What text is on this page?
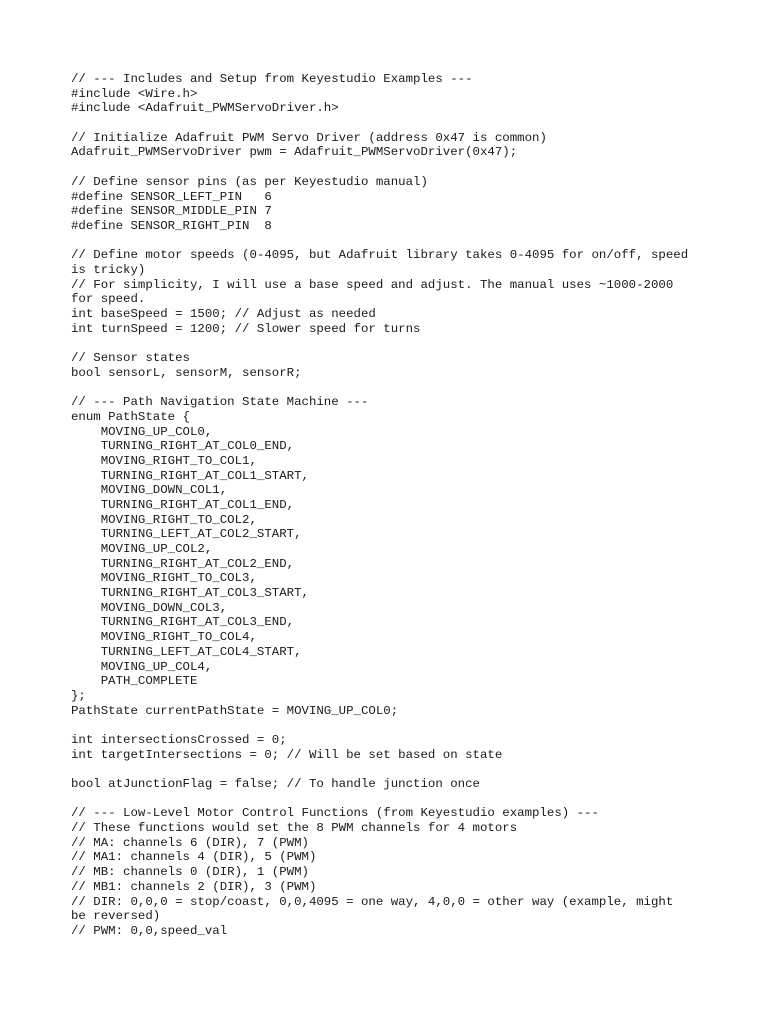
// --- Includes and Setup from Keyestudio Examples ---
#include <Wire.h>
#include <Adafruit_PWMServoDriver.h>
// Initialize Adafruit PWM Servo Driver (address 0x47 is common)
Adafruit_PWMServoDriver pwm = Adafruit_PWMServoDriver(0x47);
// Define sensor pins (as per Keyestudio manual)
#define SENSOR_LEFT_PIN   6
#define SENSOR_MIDDLE_PIN 7
#define SENSOR_RIGHT_PIN  8
// Define motor speeds (0-4095, but Adafruit library takes 0-4095 for on/off, speed
is tricky)
// For simplicity, I will use a base speed and adjust. The manual uses ~1000-2000
for speed.
int baseSpeed = 1500; // Adjust as needed
int turnSpeed = 1200; // Slower speed for turns
// Sensor states
bool sensorL, sensorM, sensorR;
// --- Path Navigation State Machine ---
enum PathState {
MOVING_UP_COL0,
TURNING_RIGHT_AT_COL0_END,
MOVING_RIGHT_TO_COL1,
TURNING_RIGHT_AT_COL1_START,
MOVING_DOWN_COL1,
TURNING_RIGHT_AT_COL1_END,
MOVING_RIGHT_TO_COL2,
TURNING_LEFT_AT_COL2_START,
MOVING_UP_COL2,
TURNING_RIGHT_AT_COL2_END,
MOVING_RIGHT_TO_COL3,
TURNING_RIGHT_AT_COL3_START,
MOVING_DOWN_COL3,
TURNING_RIGHT_AT_COL3_END,
MOVING_RIGHT_TO_COL4,
TURNING_LEFT_AT_COL4_START,
MOVING_UP_COL4,
PATH_COMPLETE
};
PathState currentPathState = MOVING_UP_COL0;
int intersectionsCrossed = 0;
int targetIntersections = 0; // Will be set based on state
bool atJunctionFlag = false; // To handle junction once
// --- Low-Level Motor Control Functions (from Keyestudio examples) ---
// These functions would set the 8 PWM channels for 4 motors
// MA: channels 6 (DIR), 7 (PWM)
// MA1: channels 4 (DIR), 5 (PWM)
// MB: channels 0 (DIR), 1 (PWM)
// MB1: channels 2 (DIR), 3 (PWM)
// DIR: 0,0,0 = stop/coast, 0,0,4095 = one way, 4,0,0 = other way (example, might
be reversed)
// PWM: 0,0,speed_val
